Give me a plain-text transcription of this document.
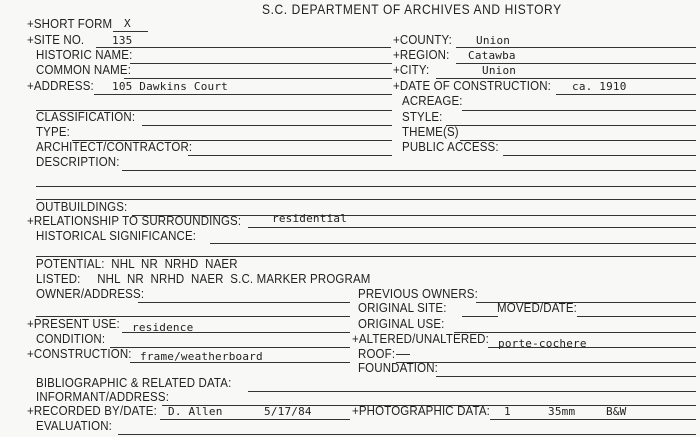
S.C. DEPARTMENT OF ARCHIVES AND HISTORY
+SHORT FORM X
+SITE NO.	135
HISTORIC NAME:
COMMON NAME:
+ADDRESS: 105 Dawkins Court
+COUNTY: Union
+REGION: Catawba
+CITY:	Union
+DATE OF CONSTRUCTION: ca. 1910
ACREAGE:
CLASSIFICATION:	STYLE:
TYPE:	THEME(S)
ARCHITECT/CONTRACTOR:	PUBLIC ACCESS:
DESCRIPTION:
OUTBUILDINGS:
+RELATIONSHIP TO SURROUNDINGS:	residential
HISTORICAL SIGNIFICANCE:
POTENTIAL:  NHL  NR  NRHD  NAER
LISTED:     NHL  NR  NRHD  NAER  S.C. MARKER PROGRAM
OWNER/ADDRESS:	PREVIOUS OWNERS:
ORIGINAL SITE:	MOVED/DATE:
+PRESENT USE: residence	ORIGINAL USE:
CONDITION:	+ALTERED/UNALTERED: porte-cochere
+CONSTRUCTION: frame/weatherboard	ROOF:
FOUNDATION:
BIBLIOGRAPHIC & RELATED DATA:
INFORMANT/ADDRESS:
+RECORDED BY/DATE: D. Allen	5/17/84	+PHOTOGRAPHIC DATA: 1	35mm	B&W
EVALUATION:
